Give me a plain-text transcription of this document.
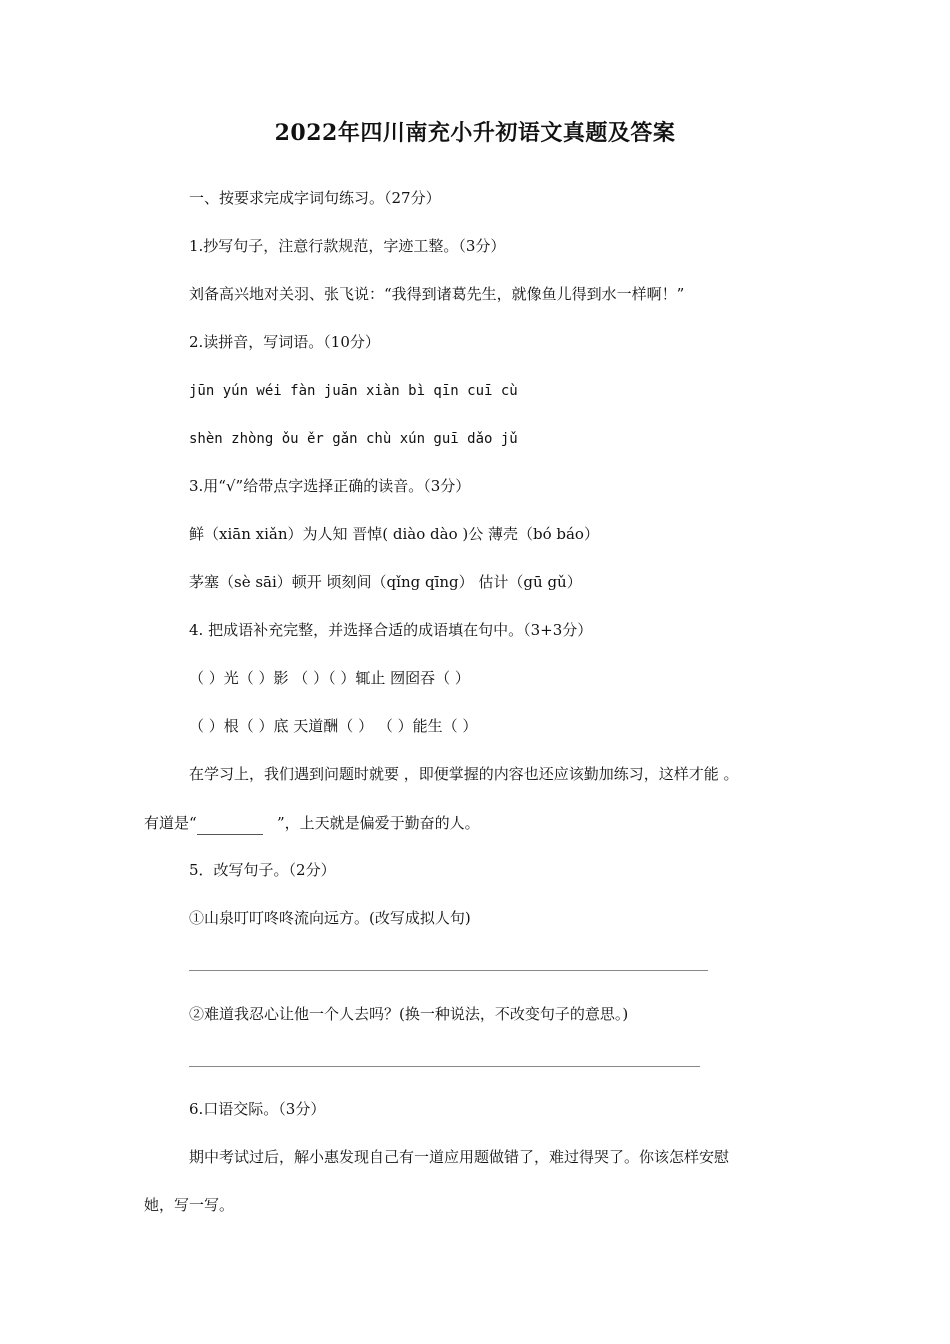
2022年四川南充小升初语文真题及答案
一、按要求完成字词句练习。（27分）
1.抄写句子，注意行款规范，字迹工整。（3分）
刘备高兴地对关羽、张飞说：“我得到诸葛先生，就像鱼儿得到水一样啊！”
2.读拼音，写词语。（10分）
jūn yún wéi fàn juān xiàn bì qīn cuī cù
shèn zhòng ǒu ěr gǎn chù xún guī dǎo jǔ
3.用“√”给带点字选择正确的读音。（3分）
鲜（xiān xiǎn）为人知 晋悼( diào dào )公 薄壳（bó báo）
茅塞（sè sāi）顿开 顷刻间（qǐng qīng） 估计（gū gǔ）
4. 把成语补充完整，并选择合适的成语填在句中。（3+3分）
（ ）光（ ）影 （ ）（ ）辄止 囫囵吞（ ）
（ ）根（ ）底 天道酬（ ） （ ）能生（ ）
在学习上，我们遇到问题时就要 ，即便掌握的内容也还应该勤加练习，这样才能 。
有道是“	”，上天就是偏爱于勤奋的人。
5．改写句子。（2分）
①山泉叮叮咚咚流向远方。(改写成拟人句)
②难道我忍心让他一个人去吗？(换一种说法，不改变句子的意思。)
6.口语交际。（3分）
期中考试过后，解小惠发现自己有一道应用题做错了，难过得哭了。你该怎样安慰
她，写一写。
